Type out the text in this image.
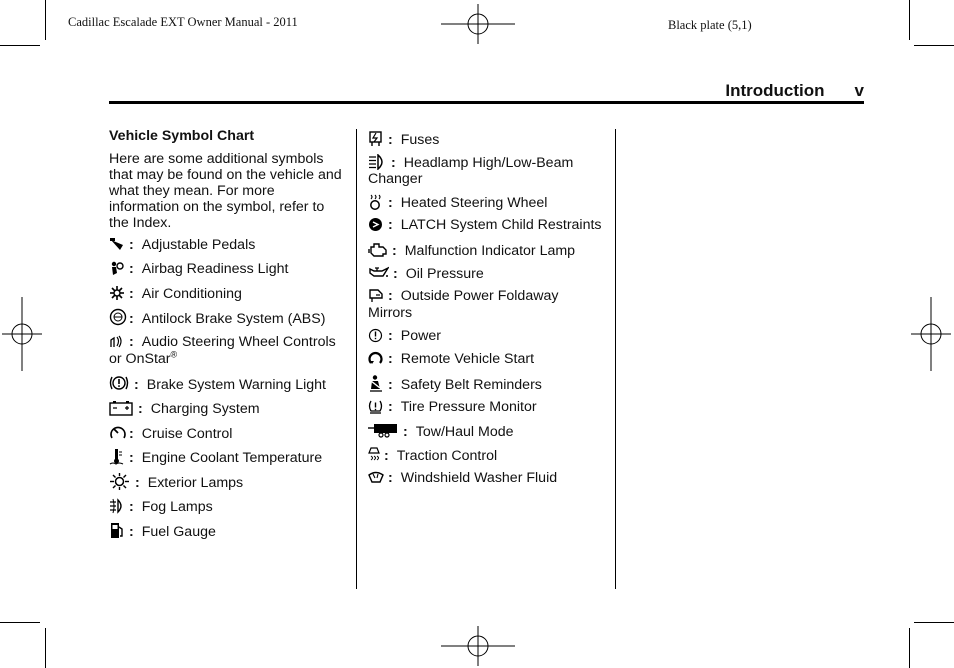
Cadillac Escalade EXT Owner Manual - 2011	Black plate (5,1)
Introduction v
Vehicle Symbol Chart
Here are some additional symbols that may be found on the vehicle and what they mean. For more information on the symbol, refer to the Index.
: Adjustable Pedals
: Airbag Readiness Light
: Air Conditioning
: Antilock Brake System (ABS)
: Audio Steering Wheel Controls or OnStar®
: Brake System Warning Light
: Charging System
: Cruise Control
: Engine Coolant Temperature
: Exterior Lamps
: Fog Lamps
: Fuel Gauge
: Fuses
: Headlamp High/Low-Beam Changer
: Heated Steering Wheel
: LATCH System Child Restraints
: Malfunction Indicator Lamp
: Oil Pressure
: Outside Power Foldaway Mirrors
: Power
: Remote Vehicle Start
: Safety Belt Reminders
: Tire Pressure Monitor
: Tow/Haul Mode
: Traction Control
: Windshield Washer Fluid
